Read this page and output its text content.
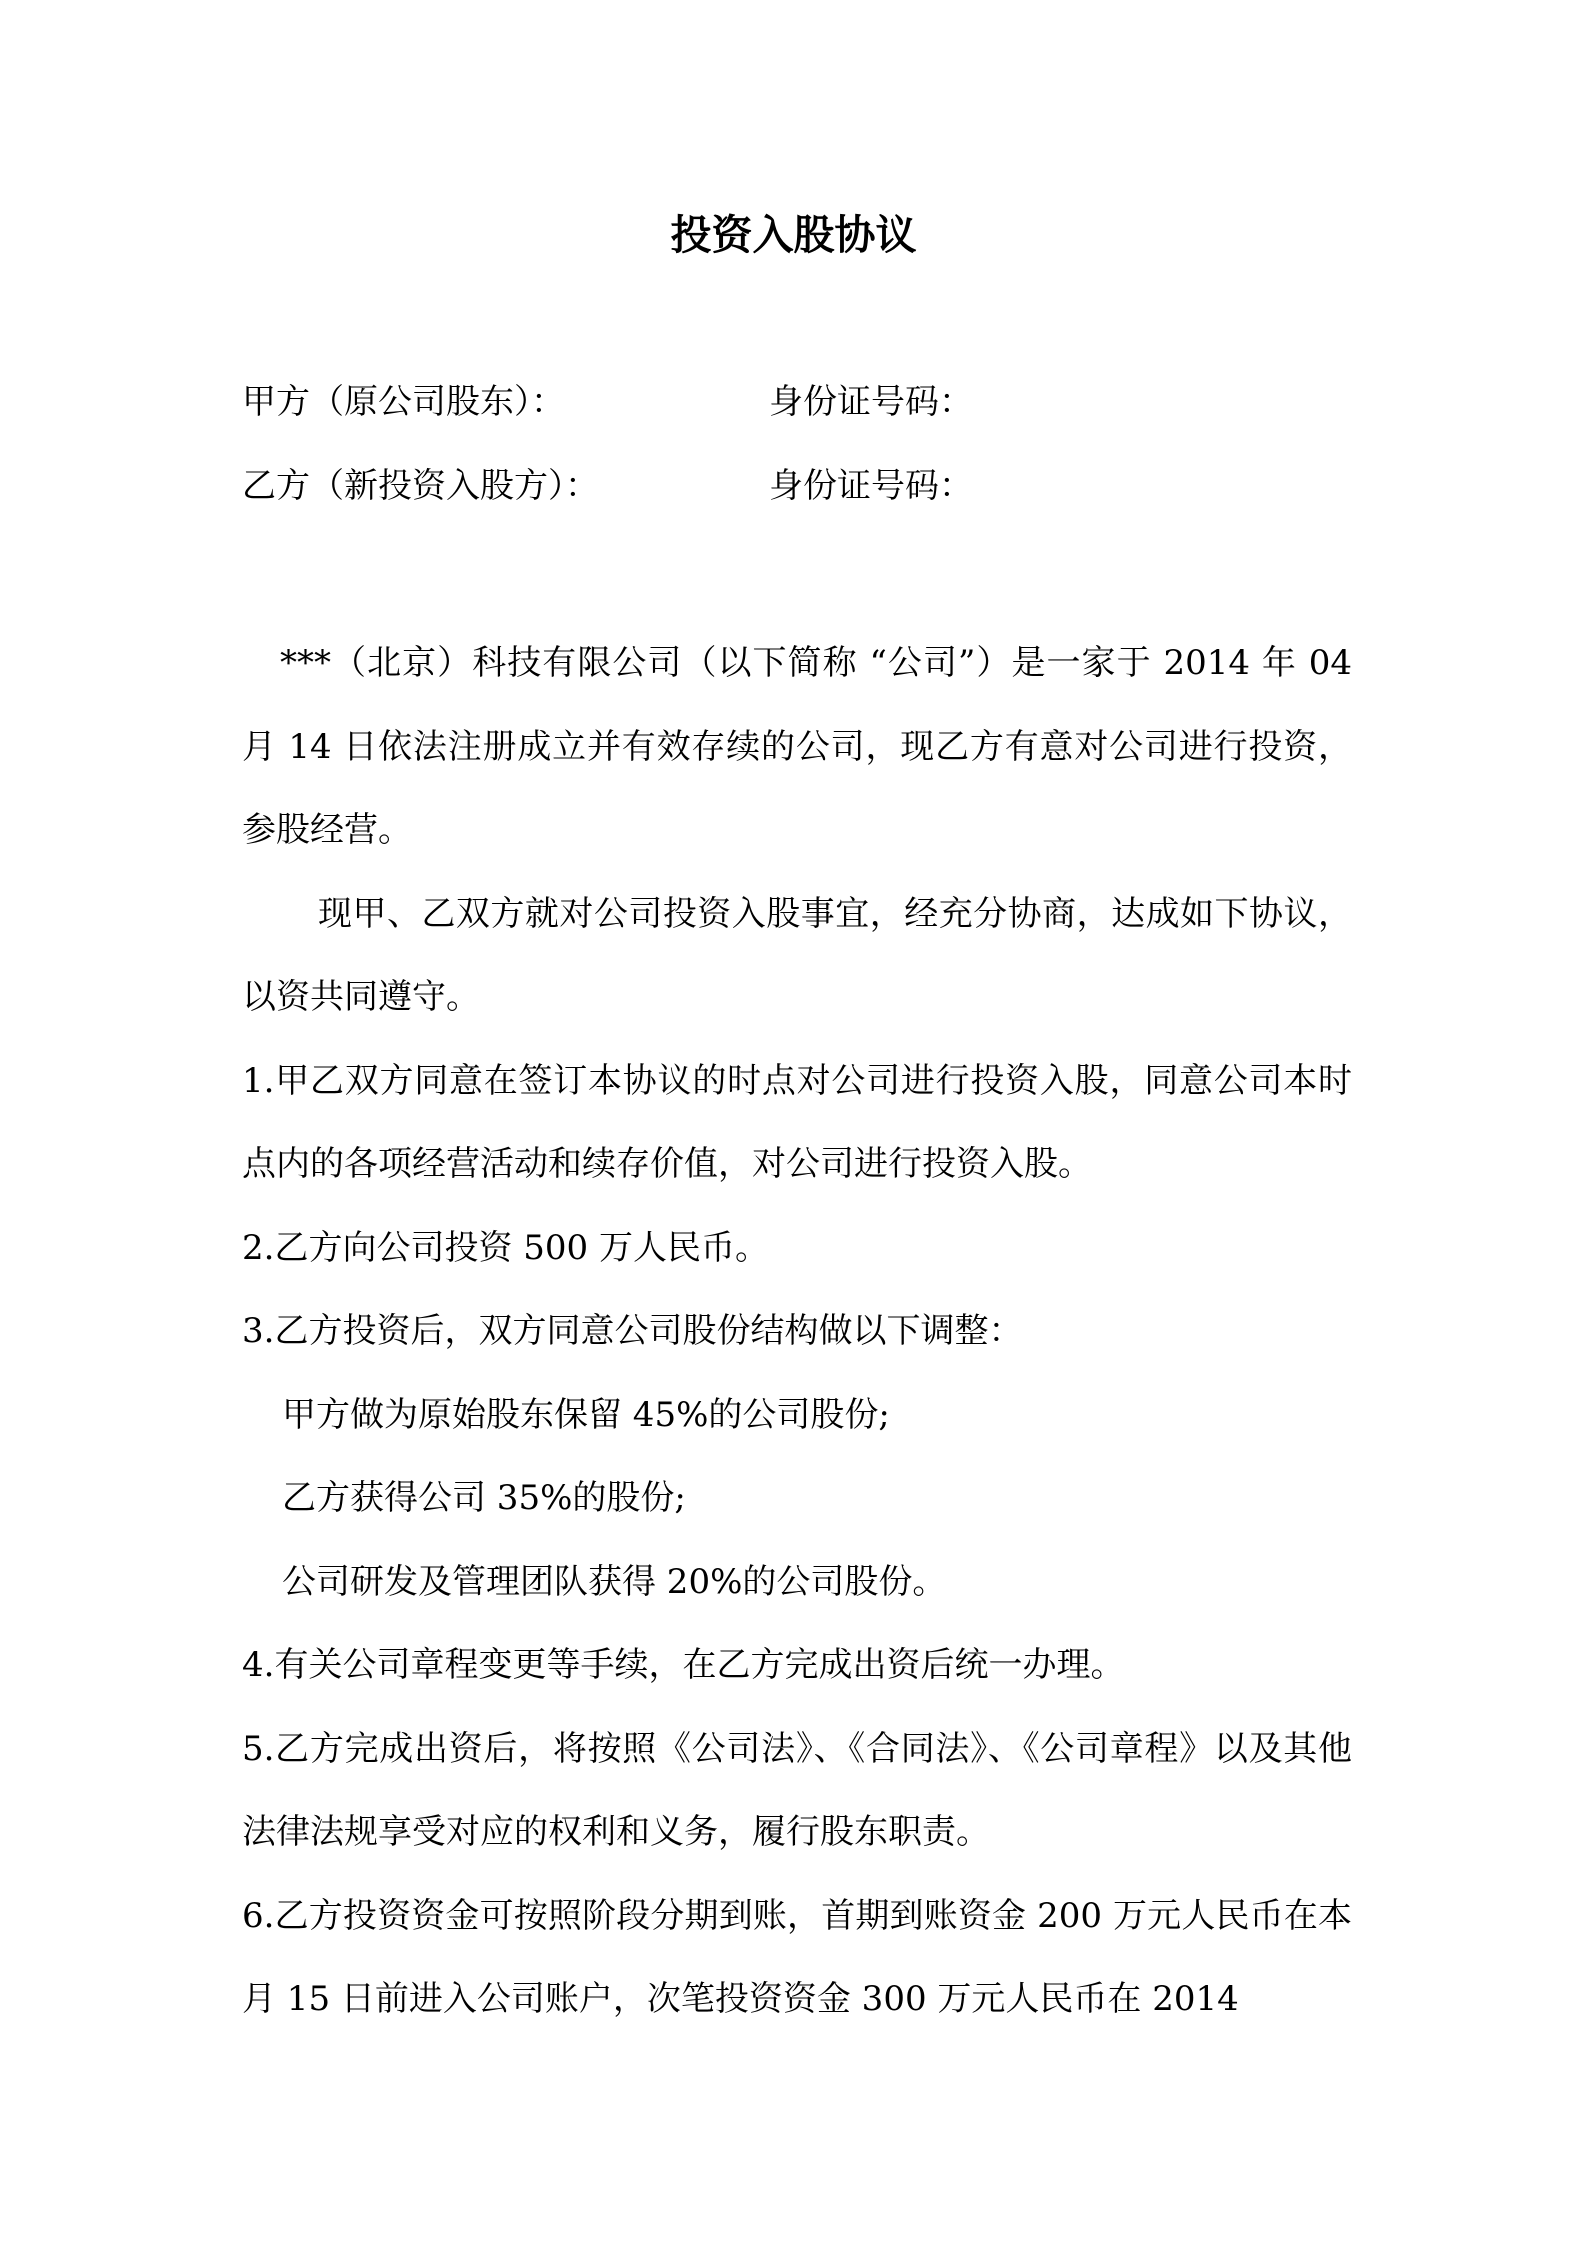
投资入股协议
甲方（原公司股东）：	身份证号码：
乙方（新投资入股方）：	身份证号码：

***（北京）科技有限公司（以下简称 “公司”）是一家于 2014 年 04 月 14 日依法注册成立并有效存续的公司，现乙方有意对公司进行投资，参股经营。

现甲、乙双方就对公司投资入股事宜，经充分协商，达成如下协议，以资共同遵守。

1.甲乙双方同意在签订本协议的时点对公司进行投资入股，同意公司本时点内的各项经营活动和续存价值，对公司进行投资入股。

2.乙方向公司投资 500 万人民币。

3.乙方投资后，双方同意公司股份结构做以下调整：

甲方做为原始股东保留 45%的公司股份;

乙方获得公司 35%的股份;

公司研发及管理团队获得 20%的公司股份。

4.有关公司章程变更等手续，在乙方完成出资后统一办理。

5.乙方完成出资后，将按照《公司法》、《合同法》、《公司章程》以及其他法律法规享受对应的权利和义务，履行股东职责。

6.乙方投资资金可按照阶段分期到账，首期到账资金 200 万元人民币在本月 15 日前进入公司账户，次笔投资资金 300 万元人民币在 2014
